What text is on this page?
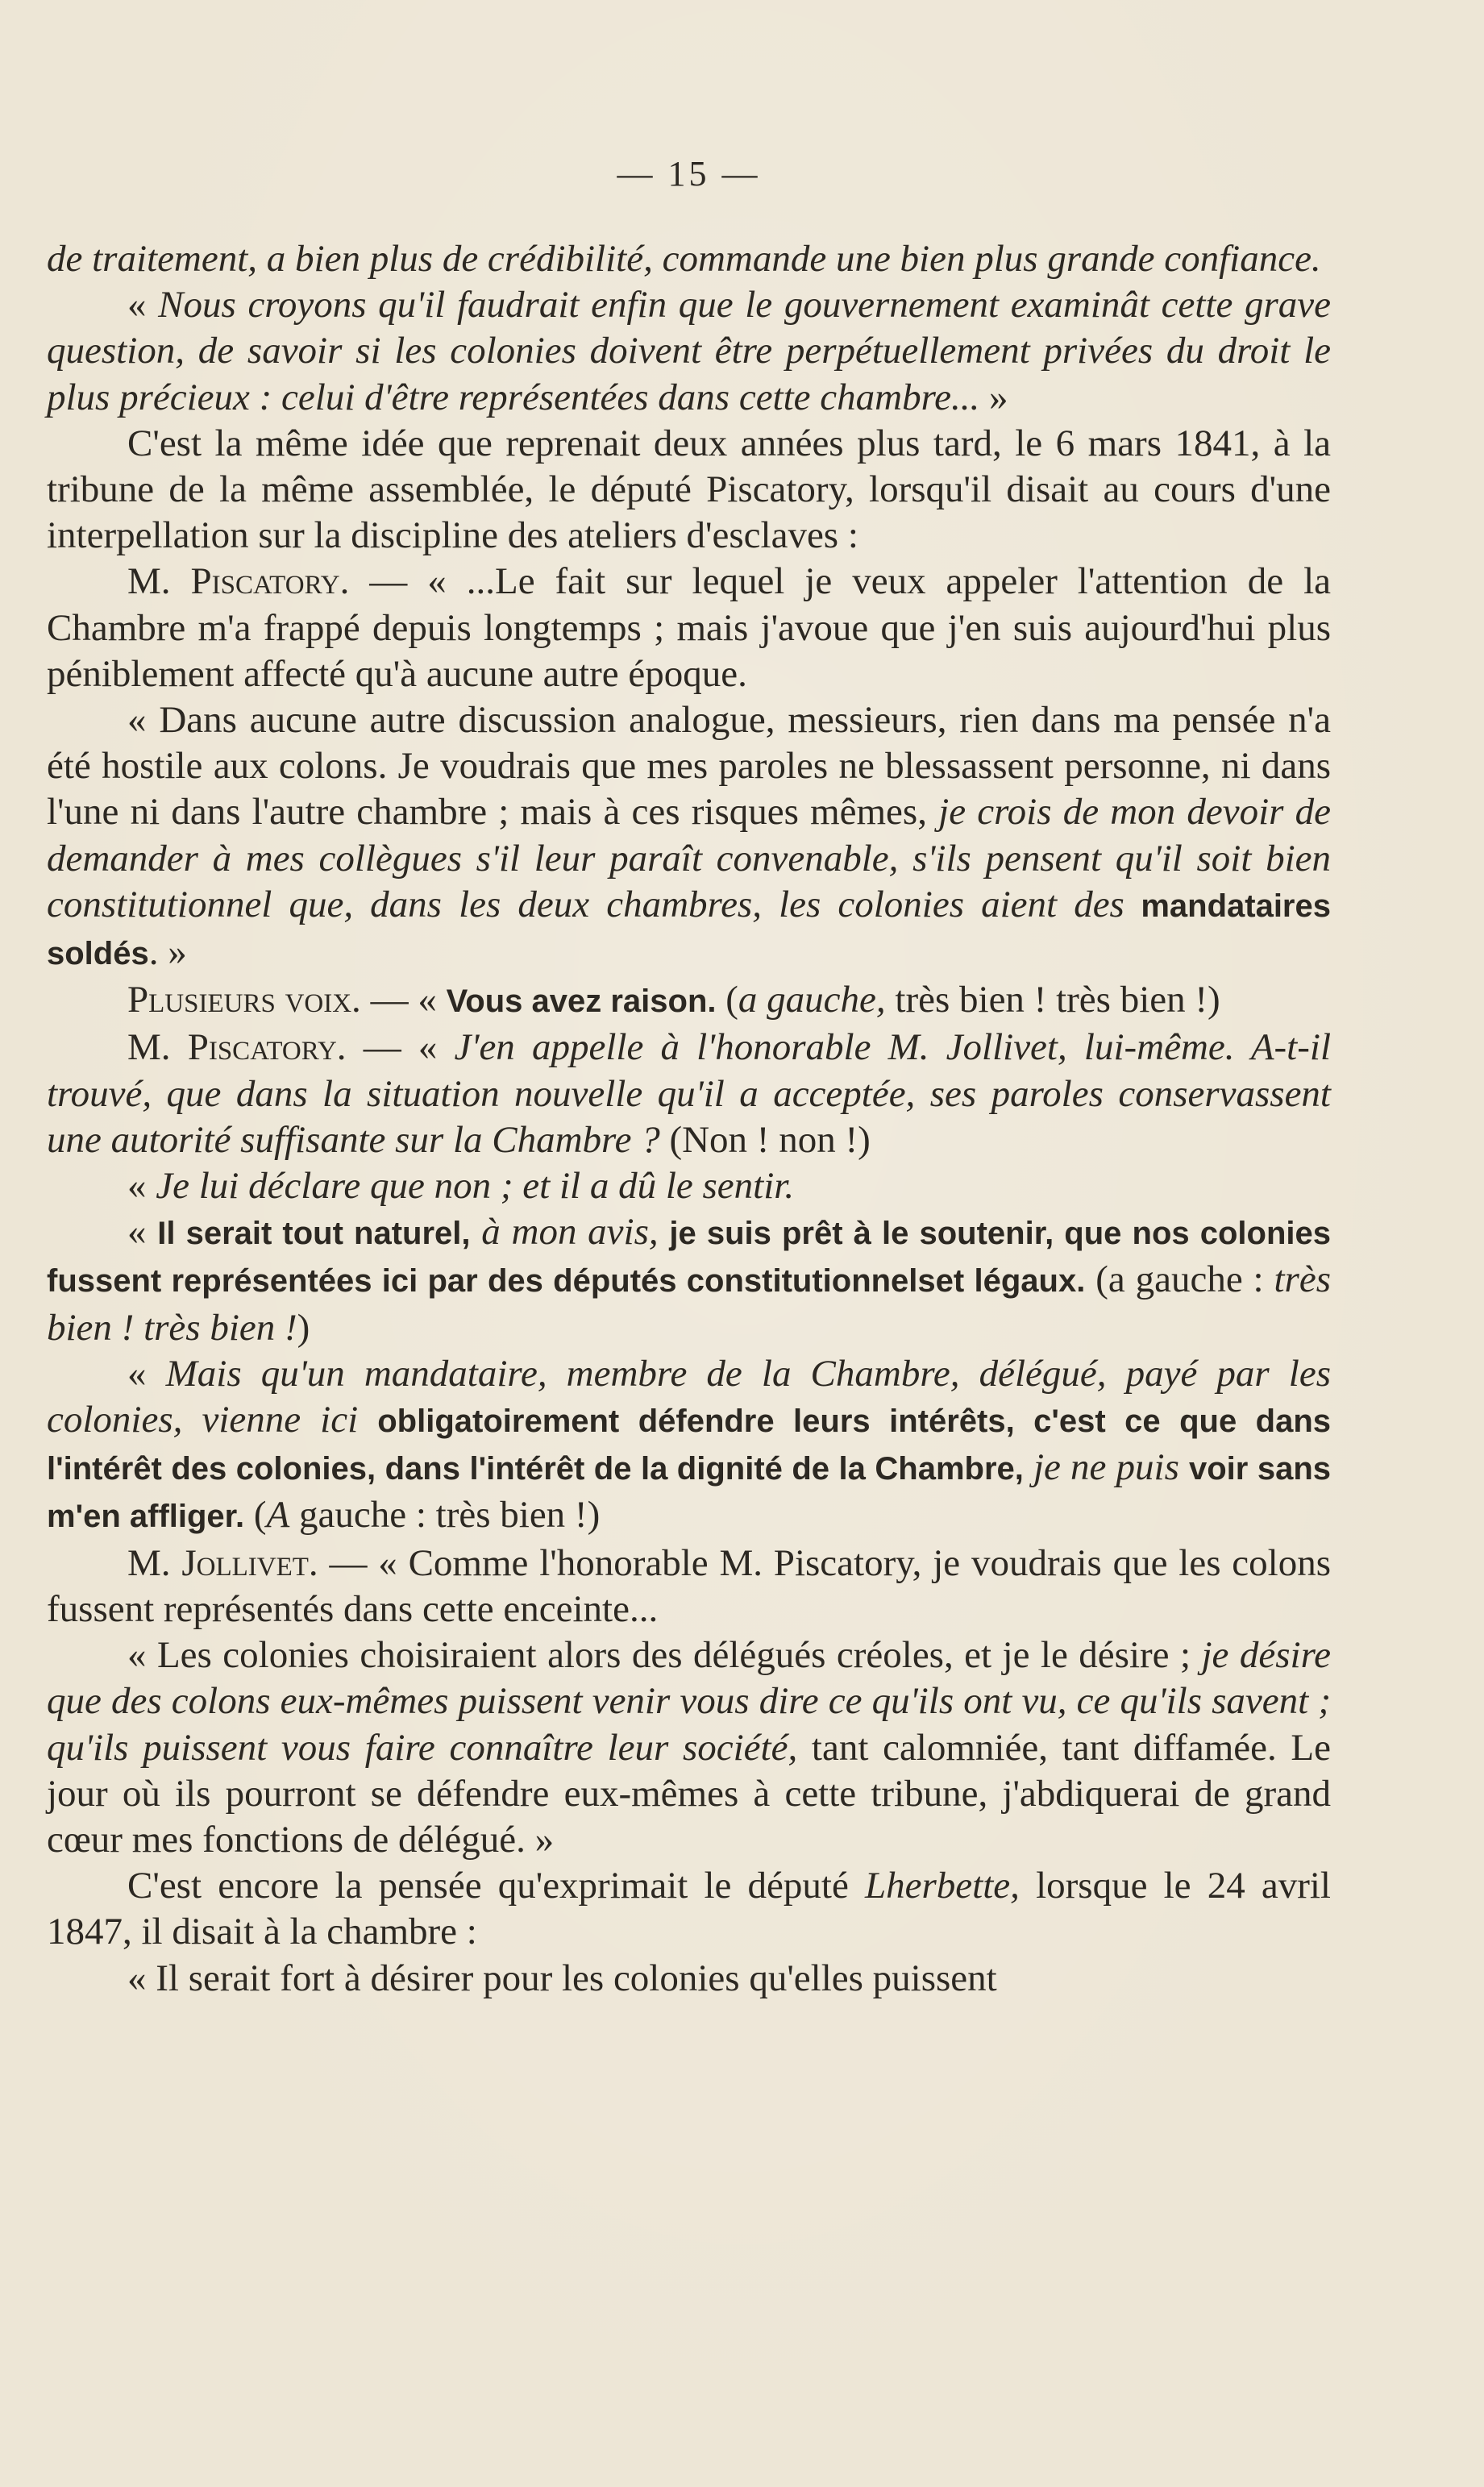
— 15 —

de traitement, a bien plus de crédibilité, commande une bien plus grande confiance.

« Nous croyons qu'il faudrait enfin que le gouvernement examinât cette grave question, de savoir si les colonies doivent être perpétuellement privées du droit le plus précieux : celui d'être représentées dans cette chambre... »

C'est la même idée que reprenait deux années plus tard, le 6 mars 1841, à la tribune de la même assemblée, le député Piscatory, lorsqu'il disait au cours d'une interpellation sur la discipline des ateliers d'esclaves :

M. Piscatory. — « ...Le fait sur lequel je veux appeler l'attention de la Chambre m'a frappé depuis longtemps ; mais j'avoue que j'en suis aujourd'hui plus péniblement affecté qu'à aucune autre époque.

« Dans aucune autre discussion analogue, messieurs, rien dans ma pensée n'a été hostile aux colons. Je voudrais que mes paroles ne blessassent personne, ni dans l'une ni dans l'autre chambre ; mais à ces risques mêmes, je crois de mon devoir de demander à mes collègues s'il leur paraît convenable, s'ils pensent qu'il soit bien constitutionnel que, dans les deux chambres, les colonies aient des mandataires soldés. »

Plusieurs voix. — « Vous avez raison. (a gauche, très bien ! très bien !)

M. Piscatory. — « J'en appelle à l'honorable M. Jollivet, lui-même. A-t-il trouvé, que dans la situation nouvelle qu'il a acceptée, ses paroles conservassent une autorité suffisante sur la Chambre ? (Non ! non !)

« Je lui déclare que non ; et il a dû le sentir.

« Il serait tout naturel, à mon avis, je suis prêt à le soutenir, que nos colonies fussent représentées ici par des députés constitutionnelset légaux. (a gauche : très bien ! très bien !)

« Mais qu'un mandataire, membre de la Chambre, délégué, payé par les colonies, vienne ici obligatoirement défendre leurs intérêts, c'est ce que dans l'intérêt des colonies, dans l'intérêt de la dignité de la Chambre, je ne puis voir sans m'en affliger. (A gauche : très bien !)

M. Jollivet. — « Comme l'honorable M. Piscatory, je voudrais que les colons fussent représentés dans cette enceinte...

« Les colonies choisiraient alors des délégués créoles, et je le désire ; je désire que des colons eux-mêmes puissent venir vous dire ce qu'ils ont vu, ce qu'ils savent ; qu'ils puissent vous faire connaître leur société, tant calomniée, tant diffamée. Le jour où ils pourront se défendre eux-mêmes à cette tribune, j'abdiquerai de grand cœur mes fonctions de délégué. »

C'est encore la pensée qu'exprimait le député Lherbette, lorsque le 24 avril 1847, il disait à la chambre :

« Il serait fort à désirer pour les colonies qu'elles puissent
